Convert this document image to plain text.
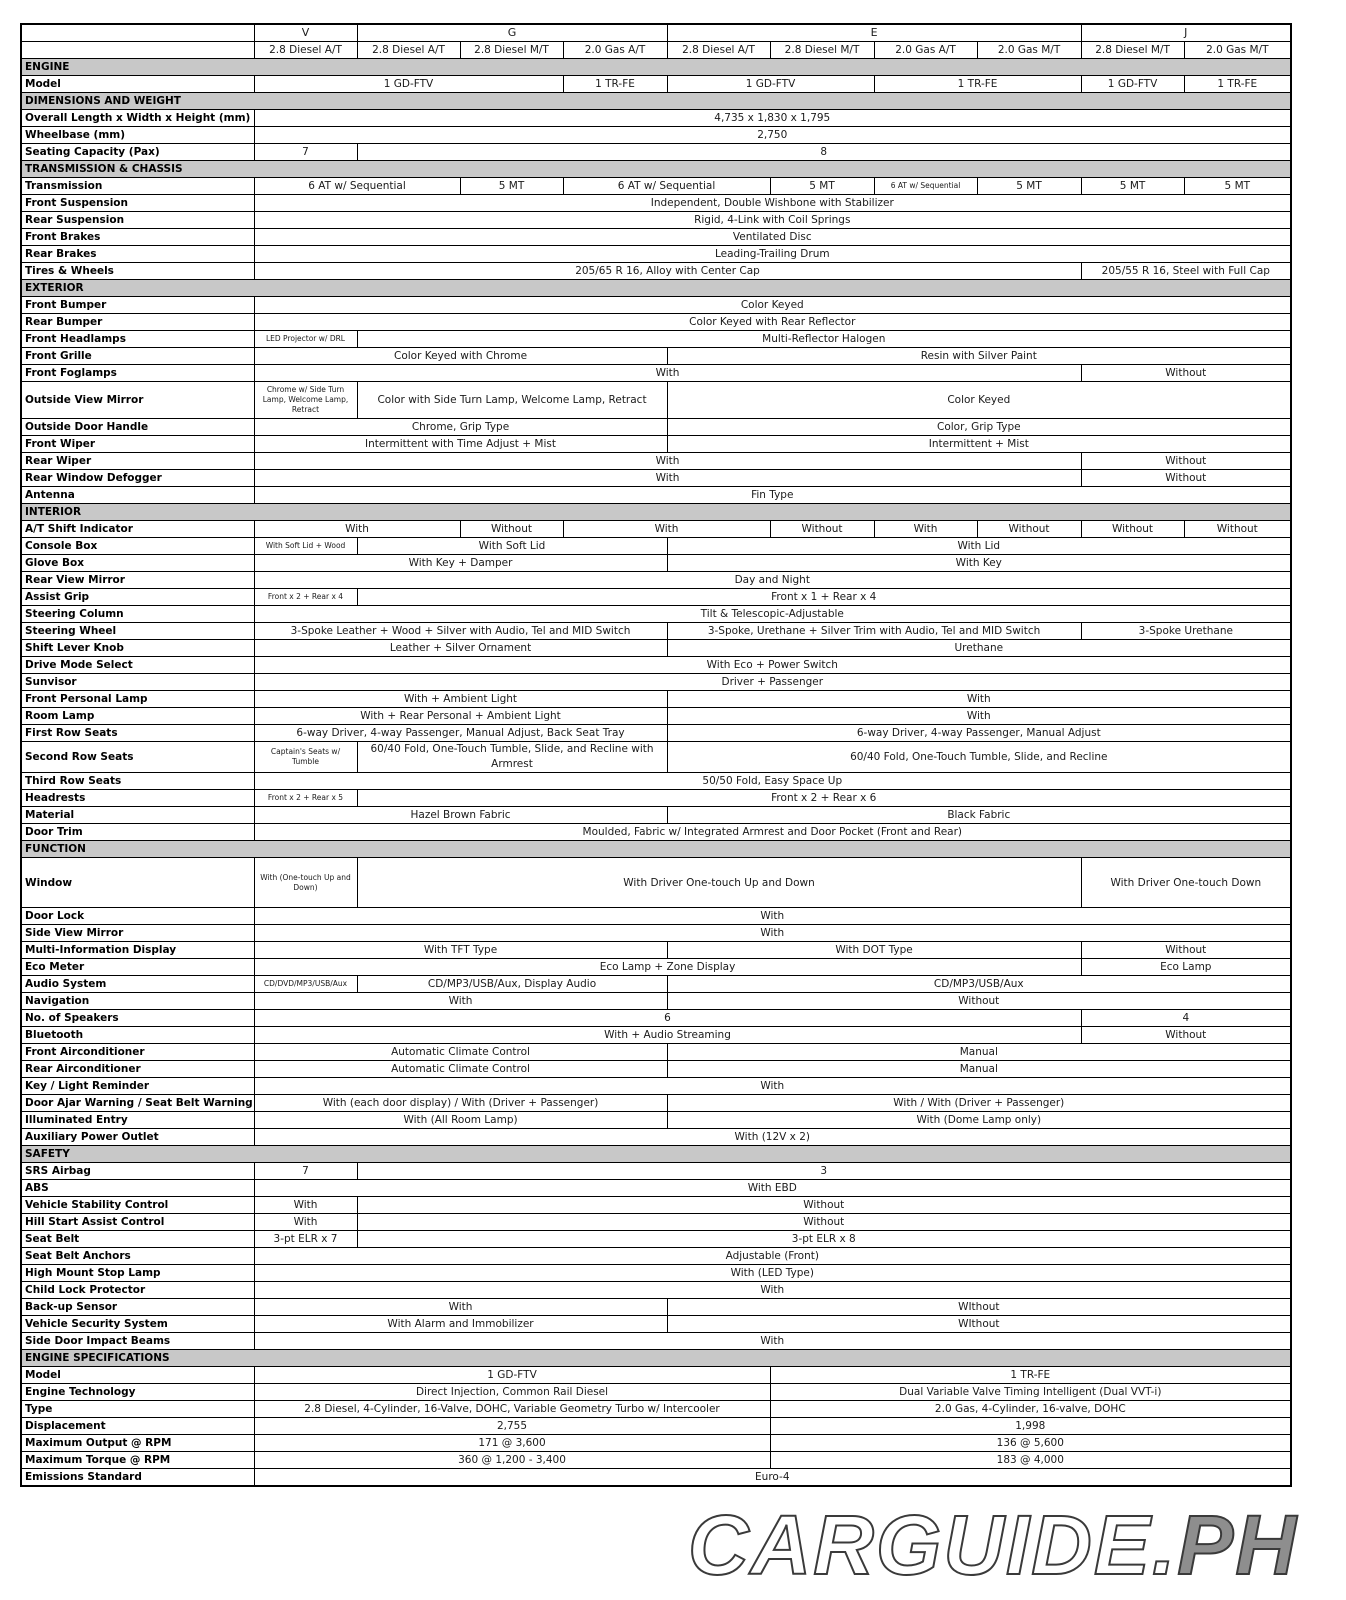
	V	G			E				J	
	2.8 Diesel A/T	2.8 Diesel A/T	2.8 Diesel M/T	2.0 Gas A/T	2.8 Diesel A/T	2.8 Diesel M/T	2.0 Gas A/T	2.0 Gas M/T	2.8 Diesel M/T	2.0 Gas M/T
ENGINE										
Model	1 GD-FTV			1 TR-FE	1 GD-FTV		1 TR-FE		1 GD-FTV	1 TR-FE
DIMENSIONS AND WEIGHT										
Overall Length x Width x Height (mm)	4,735 x 1,830 x 1,795									
Wheelbase (mm)	2,750									
Seating Capacity (Pax)	7	8								
TRANSMISSION & CHASSIS										
Transmission	6 AT w/ Sequential		5 MT	6 AT w/ Sequential		5 MT	6 AT w/ Sequential	5 MT	5 MT	5 MT
Front Suspension	Independent, Double Wishbone with Stabilizer									
Rear Suspension	Rigid, 4-Link with Coil Springs									
Front Brakes	Ventilated Disc									
Rear Brakes	Leading-Trailing Drum									
Tires & Wheels	205/65 R 16, Alloy with Center Cap								205/55 R 16, Steel with Full Cap	
EXTERIOR										
Front Bumper	Color Keyed									
Rear Bumper	Color Keyed with Rear Reflector									
Front Headlamps	LED Projector w/ DRL	Multi-Reflector Halogen								
Front Grille	Color Keyed with Chrome				Resin with Silver Paint					
Front Foglamps	With								Without	
Outside View Mirror	Chrome w/ Side Turn Lamp, Welcome Lamp, Retract	Color with Side Turn Lamp, Welcome Lamp, Retract			Color Keyed					
Outside Door Handle	Chrome, Grip Type				Color, Grip Type					
Front Wiper	Intermittent with Time Adjust + Mist				Intermittent + Mist					
Rear Wiper	With								Without	
Rear Window Defogger	With								Without	
Antenna	Fin Type									
INTERIOR										
A/T Shift Indicator	With		Without	With		Without	With	Without	Without	Without
Console Box	With Soft Lid + Wood	With Soft Lid			With Lid					
Glove Box	With Key + Damper				With Key					
Rear View Mirror	Day and Night									
Assist Grip	Front x 2 + Rear x 4	Front x 1 + Rear x 4								
Steering Column	Tilt & Telescopic-Adjustable									
Steering Wheel	3-Spoke Leather + Wood + Silver with Audio, Tel and MID Switch				3-Spoke, Urethane + Silver Trim with Audio, Tel and MID Switch				3-Spoke Urethane	
Shift Lever Knob	Leather + Silver Ornament				Urethane					
Drive Mode Select	With Eco + Power Switch									
Sunvisor	Driver + Passenger									
Front Personal Lamp	With + Ambient Light				With					
Room Lamp	With + Rear Personal + Ambient Light				With					
First Row Seats	6-way Driver, 4-way Passenger, Manual Adjust, Back Seat Tray				6-way Driver, 4-way Passenger, Manual Adjust					
Second Row Seats	Captain's Seats w/ Tumble	60/40 Fold, One-Touch Tumble, Slide, and Recline with Armrest			60/40 Fold, One-Touch Tumble, Slide, and Recline					
Third Row Seats	50/50 Fold, Easy Space Up									
Headrests	Front x 2 + Rear x 5	Front x 2 + Rear x 6								
Material	Hazel Brown Fabric				Black Fabric					
Door Trim	Moulded, Fabric w/ Integrated Armrest and Door Pocket (Front and Rear)									
FUNCTION										
Window	With (One-touch Up and Down)	With Driver One-touch Up and Down							With Driver One-touch Down	
Door Lock	With									
Side View Mirror	With									
Multi-Information Display	With TFT Type				With DOT Type				Without	
Eco Meter	Eco Lamp + Zone Display								Eco Lamp	
Audio System	CD/DVD/MP3/USB/Aux	CD/MP3/USB/Aux, Display Audio			CD/MP3/USB/Aux					
Navigation	With				Without					
No. of Speakers	6								4	
Bluetooth	With + Audio Streaming								Without	
Front Airconditioner	Automatic Climate Control				Manual					
Rear Airconditioner	Automatic Climate Control				Manual					
Key / Light Reminder	With									
Door Ajar Warning / Seat Belt Warning	With (each door display) / With (Driver + Passenger)				With / With (Driver + Passenger)					
Illuminated Entry	With (All Room Lamp)				With (Dome Lamp only)					
Auxiliary Power Outlet	With (12V x 2)									
SAFETY										
SRS Airbag	7	3								
ABS	With EBD									
Vehicle Stability Control	With	Without								
Hill Start Assist Control	With	Without								
Seat Belt	3-pt ELR x 7	3-pt ELR x 8								
Seat Belt Anchors	Adjustable (Front)									
High Mount Stop Lamp	With (LED Type)									
Child Lock Protector	With									
Back-up Sensor	With				WIthout					
Vehicle Security System	With Alarm and Immobilizer				WIthout					
Side Door Impact Beams	With									
ENGINE SPECIFICATIONS										
Model	1 GD-FTV					1 TR-FE				
Engine Technology	Direct Injection, Common Rail Diesel					Dual Variable Valve Timing Intelligent (Dual VVT-i)				
Type	2.8 Diesel, 4-Cylinder, 16-Valve, DOHC, Variable Geometry Turbo w/ Intercooler					2.0 Gas, 4-Cylinder, 16-valve, DOHC				
Displacement	2,755					1,998				
Maximum Output @ RPM	171 @ 3,600					136 @ 5,600				
Maximum Torque @ RPM	360 @ 1,200 - 3,400					183 @ 4,000				
Emissions Standard	Euro-4									
CARGUIDE.PH
